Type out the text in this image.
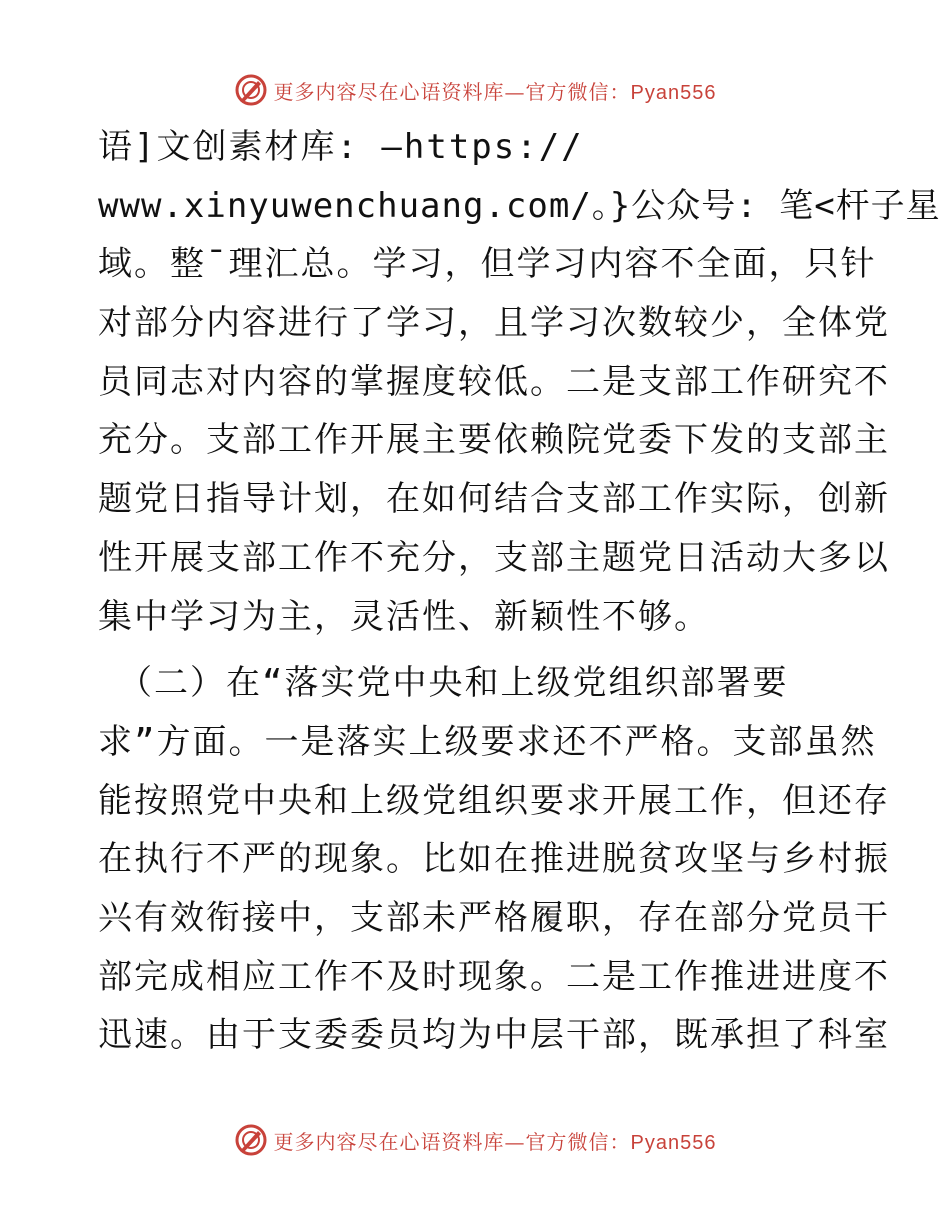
更多内容尽在心语资料库—官方微信：Pyan556
语]文创素材库: —https://
www.xinyuwenchuang.com/。}公众号: 笔<杆子星
域。整¯理汇总。学习，但学习内容不全面，只针
对部分内容进行了学习，且学习次数较少，全体党
员同志对内容的掌握度较低。二是支部工作研究不
充分。支部工作开展主要依赖院党委下发的支部主
题党日指导计划，在如何结合支部工作实际，创新
性开展支部工作不充分，支部主题党日活动大多以
集中学习为主，灵活性、新颖性不够。
（二）在“落实党中央和上级党组织部署要
求”方面。一是落实上级要求还不严格。支部虽然
能按照党中央和上级党组织要求开展工作，但还存
在执行不严的现象。比如在推进脱贫攻坚与乡村振
兴有效衔接中，支部未严格履职，存在部分党员干
部完成相应工作不及时现象。二是工作推进进度不
迅速。由于支委委员均为中层干部，既承担了科室
更多内容尽在心语资料库—官方微信：Pyan556
